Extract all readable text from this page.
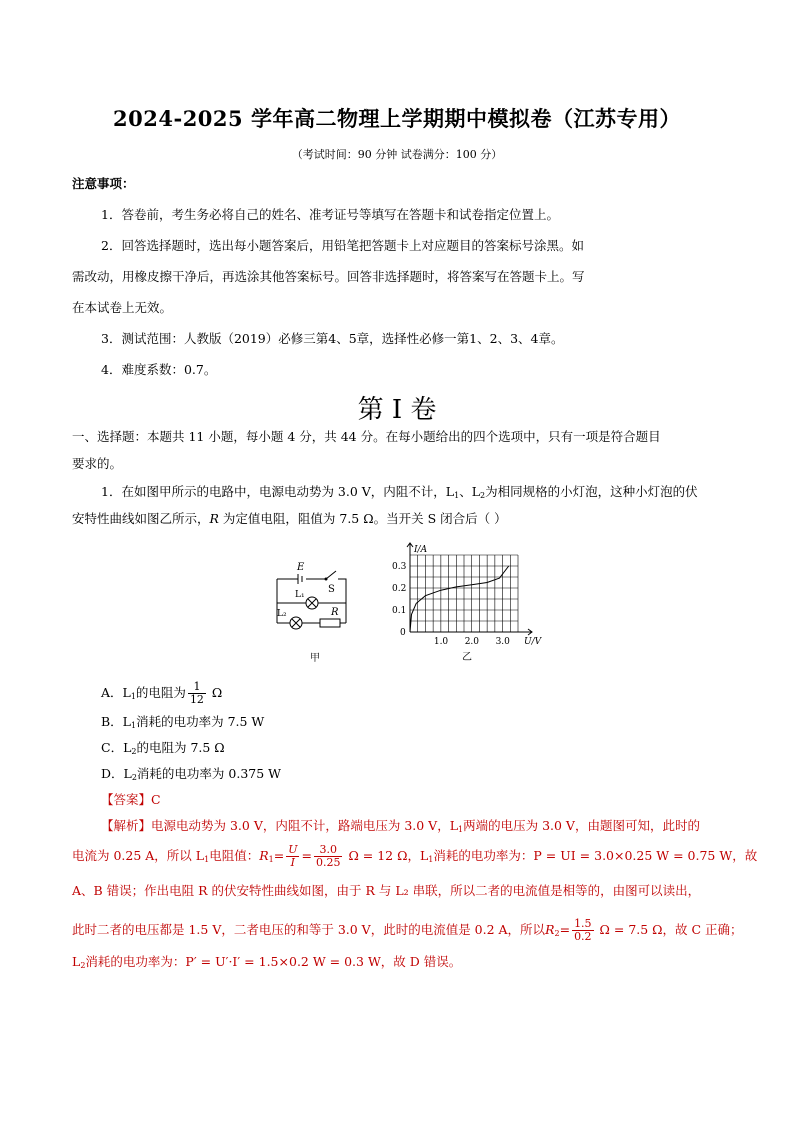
2024-2025 学年高二物理上学期期中模拟卷（江苏专用）
（考试时间：90 分钟 试卷满分：100 分）
注意事项：
1．答卷前，考生务必将自己的姓名、准考证号等填写在答题卡和试卷指定位置上。
2．回答选择题时，选出每小题答案后，用铅笔把答题卡上对应题目的答案标号涂黑。如
需改动，用橡皮擦干净后，再选涂其他答案标号。回答非选择题时，将答案写在答题卡上。写
在本试卷上无效。
3．测试范围：人教版（2019）必修三第4、5章，选择性必修一第1、2、3、4章。
4．难度系数：0.7。
第 I 卷
一、选择题：本题共 11 小题，每小题 4 分，共 44 分。在每小题给出的四个选项中，只有一项是符合题目
要求的。
1．在如图甲所示的电路中，电源电动势为 3.0 V，内阻不计，$L_1$、$L_2$为相同规格的小灯泡，这种小灯泡的伏
安特性曲线如图乙所示，R 为定值电阻，阻值为 7.5 Ω。当开关 S 闭合后（ ）
E
S
L₁
L₂	R
甲
I/A
U/V
0
1.0 2.0 3.0
0.1
0.2
0.3
乙
A．$L_1$的电阻为 $\frac{1}{12}$ Ω
B．$L_1$消耗的电功率为 7.5 W
C．$L_2$的电阻为 7.5 Ω
D．$L_2$消耗的电功率为 0.375 W
【答案】C
【解析】电源电动势为 3.0 V，内阻不计，路端电压为 3.0 V，$L_1$两端的电压为 3.0 V，由题图可知，此时的
电流为 0.25 A，所以 $L_1$电阻值：$R_1= \frac{U}{I} = \frac{3.0}{0.25}$ Ω = 12 Ω，$L_1$消耗的电功率为：P = UI = 3.0×0.25 W = 0.75 W，故
A、B 错误；作出电阻 R 的伏安特性曲线如图，由于 R 与 L₂ 串联，所以二者的电流值是相等的，由图可以读出，
此时二者的电压都是 1.5 V，二者电压的和等于 3.0 V，此时的电流值是 0.2 A，所以$R_2= \frac{1.5}{0.2}$ Ω = 7.5 Ω，故 C 正确；
$L_2$消耗的电功率为：P′ = U′·I′ = 1.5×0.2 W = 0.3 W，故 D 错误。
